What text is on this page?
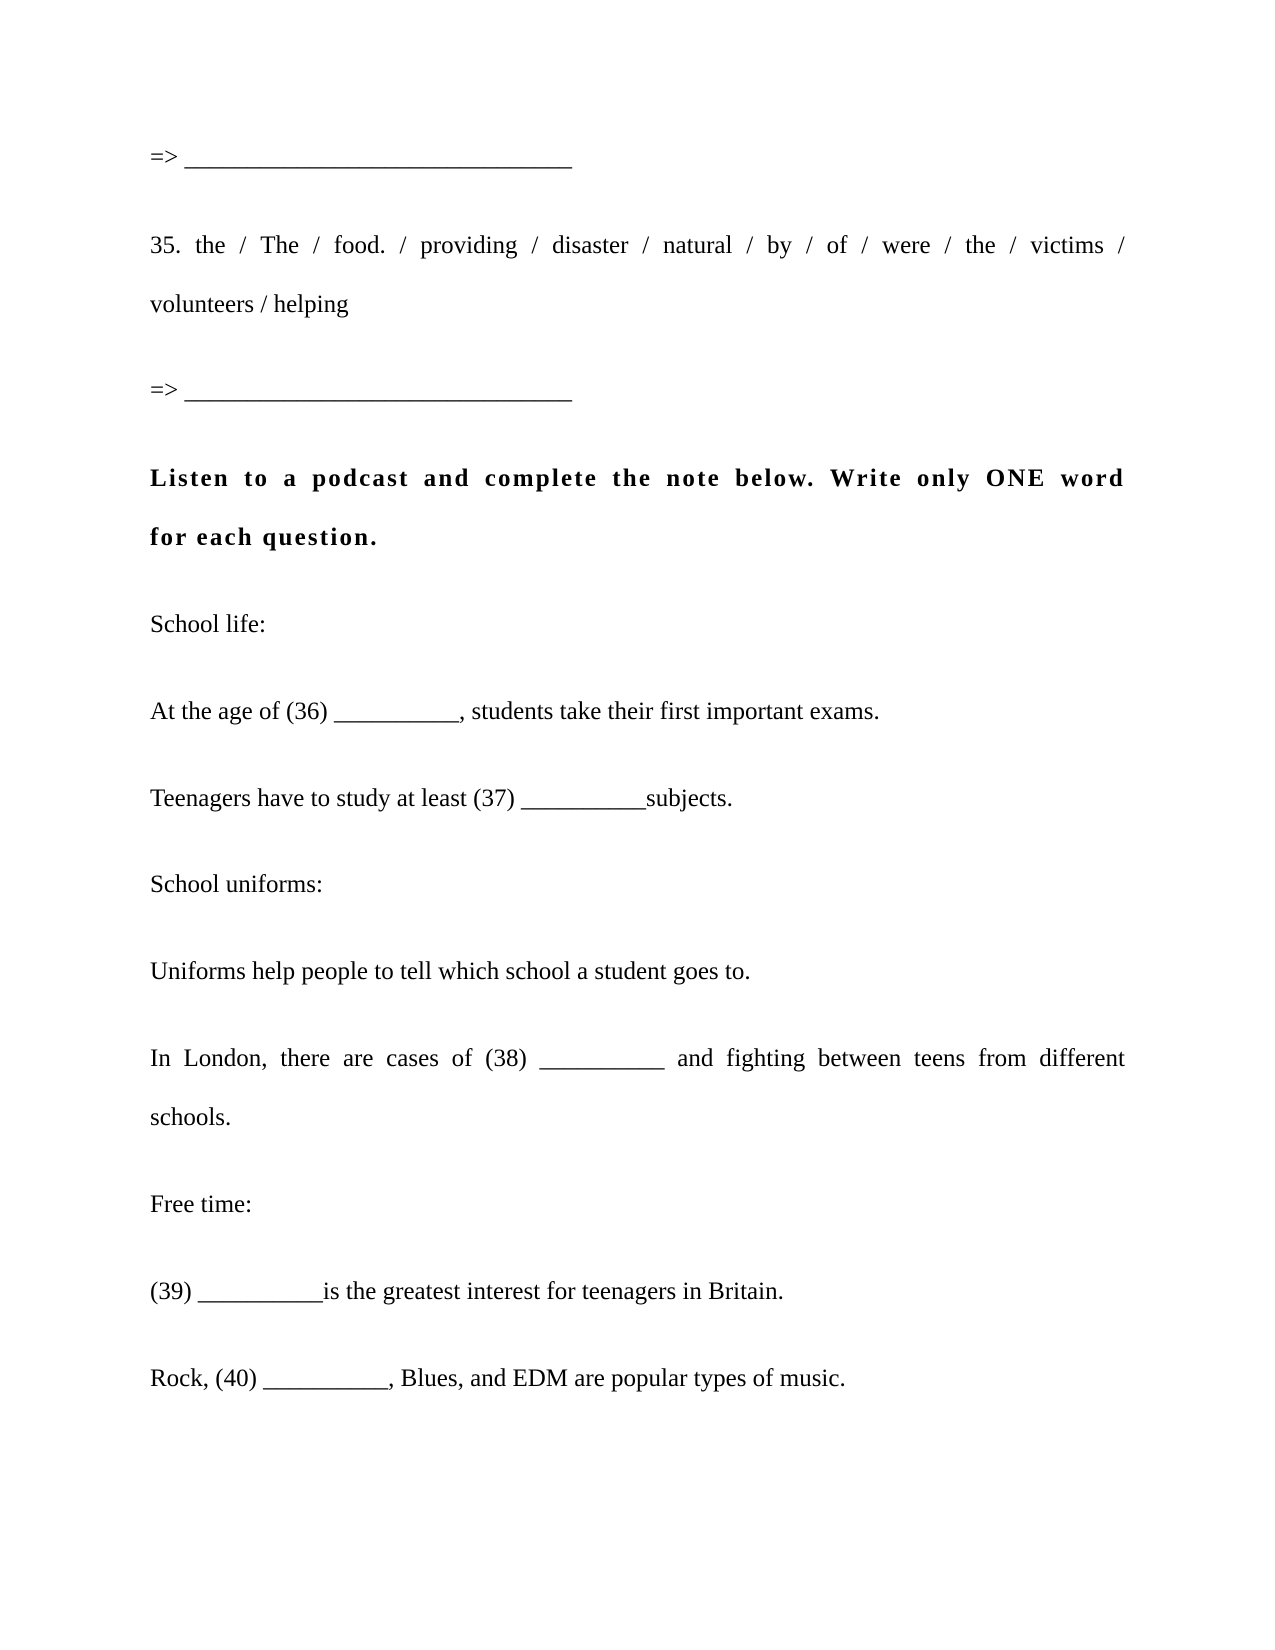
=> _______________________________
35. the / The / food. / providing / disaster / natural / by / of / were / the / victims /
volunteers / helping
=> _______________________________
Listen to a podcast and complete the note below. Write only ONE word
for each question.
School life:
At the age of (36) __________, students take their first important exams.
Teenagers have to study at least (37) __________subjects.
School uniforms:
Uniforms help people to tell which school a student goes to.
In London, there are cases of (38) __________ and fighting between teens from different
schools.
Free time:
(39) __________is the greatest interest for teenagers in Britain.
Rock, (40) __________, Blues, and EDM are popular types of music.
